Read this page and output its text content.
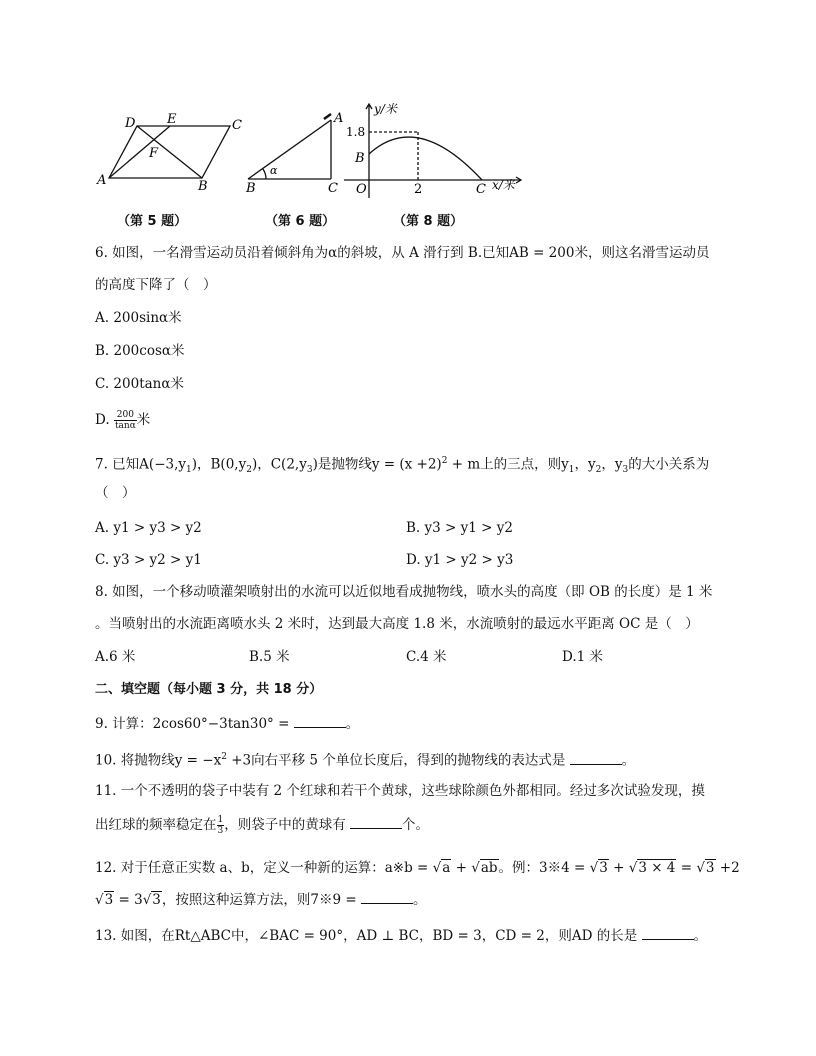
A	B
C
D E
F
B	C
A
α
y/米
x/米
1.8
B
O	2	C
（第 5 题）	（第 6 题）	（第 8 题）
6. 如图，一名滑雪运动员沿着倾斜角为α的斜坡，从 A 滑行到 B.已知AB = 200米，则这名滑雪运动员
的高度下降了（　）
A. 200sinα米
B. 200cosα米
C. 200tanα米
D. $\frac{200}{\tan\alpha}$ 米
7. 已知$A(-3,y_1)$，$B(0,y_2)$，$C(2,y_3)$是抛物线$y = (x +2)^2 + m$上的三点，则$y_1$，$y_2$，$y_3$的大小关系为
（　）
A. y1 > y3 > y2	B. y3 > y1 > y2
C. y3 > y2 > y1	D. y1 > y2 > y3
8. 如图，一个移动喷灌架喷射出的水流可以近似地看成抛物线，喷水头的高度（即 OB 的长度）是 1 米
。当喷射出的水流距离喷水头 2 米时，达到最大高度 1.8 米，水流喷射的最远水平距离 OC 是（　）
A.6 米	B.5 米	C.4 米	D.1 米
二、填空题（每小题 3 分，共 18 分）
9. 计算：2cos60°−3tan30° =	。
10. 将抛物线$y = -x^2 +3$向右平移 5 个单位长度后，得到的抛物线的表达式是	。
11. 一个不透明的袋子中装有 2 个红球和若干个黄球，这些球除颜色外都相同。经过多次试验发现，摸
出红球的频率稳定在 $\frac{1}{3}$ ，则袋子中的黄球有	个。
12. 对于任意正实数 a、b，定义一种新的运算：a※b = √a + √ab。例：3※4 = √3 + √3 × 4 = √3 +2
√3 = 3√3，按照这种运算方法，则7※9 =	。
13. 如图，在Rt△ABC中，∠BAC = 90°，AD ⊥ BC，BD = 3，CD = 2，则AD 的长是	。
